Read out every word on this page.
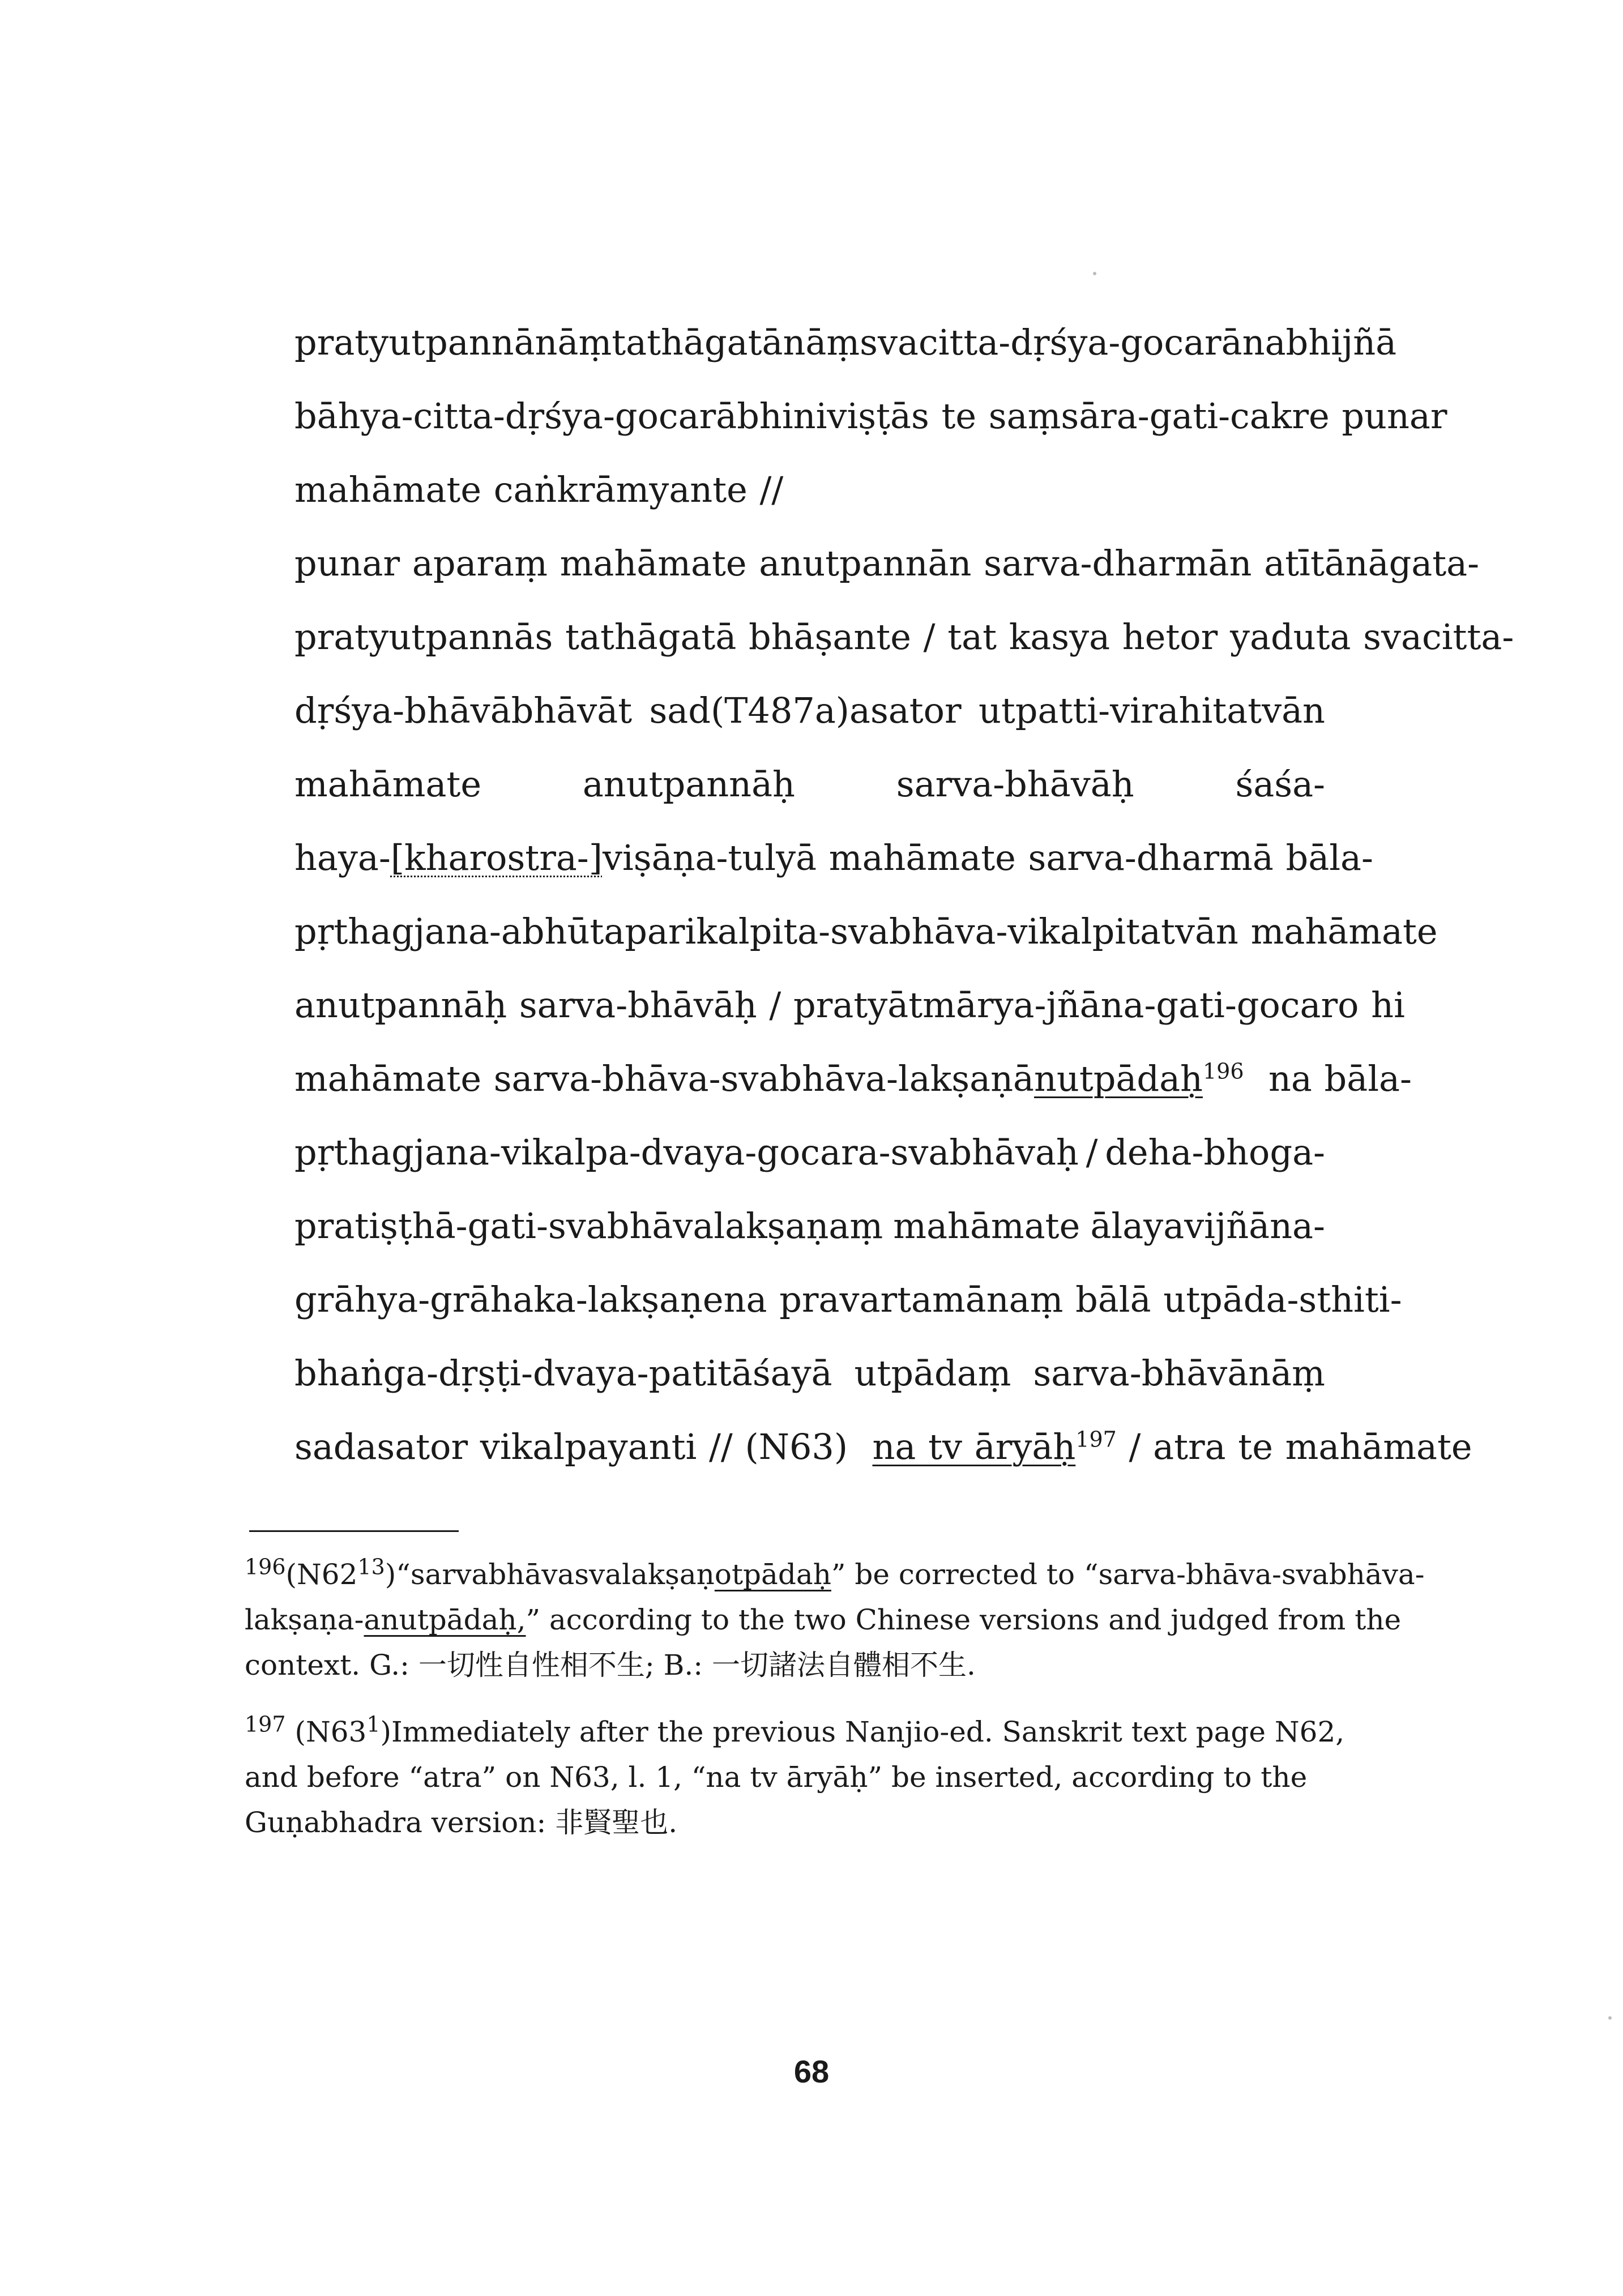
pratyutpannānāṃ tathāgatānāṃ svacitta-dṛśya-gocarānabhijñā
bāhya-citta-dṛśya-gocarābhiniviṣṭās te saṃsāra-gati-cakre punar
mahāmate caṅkrāmyante //
punar aparaṃ mahāmate anutpannān sarva-dharmān atītānāgata-
pratyutpannās tathāgatā bhāṣante / tat kasya hetor yaduta svacitta-
dṛśya-bhāvābhāvāt sad(T487a)asator utpatti-virahitatvān
mahāmate	anutpannāḥ	sarva-bhāvāḥ	śaśa-
haya-[kharostra-]viṣāṇa-tulyā mahāmate sarva-dharmā bāla-
pṛthagjana-abhūtaparikalpita-svabhāva-vikalpitatvān mahāmate
anutpannāḥ sarva-bhāvāḥ / pratyātmārya-jñāna-gati-gocaro hi
mahāmate sarva-bhāva-svabhāva-lakṣaṇānutpādaḥ$^{196}$ na bāla-
pṛthagjana-vikalpa-dvaya-gocara-svabhāvaḥ / deha-bhoga-
pratiṣṭhā-gati-svabhāvalakṣaṇaṃ mahāmate ālayavijñāna-
grāhya-grāhaka-lakṣaṇena pravartamānaṃ bālā utpāda-sthiti-
bhaṅga-dṛṣṭi-dvaya-patitāśayā utpādaṃ sarva-bhāvānāṃ
sadasator vikalpayanti // (N63) na tv āryāḥ$^{197}$ / atra te mahāmate
$^{196}(N62^{13})$ “sarvabhāvasvalakṣaṇotpādaḥ” be corrected to “sarva-bhāva-svabhāva-
lakṣaṇa-anutpādaḥ,” according to the two Chinese versions and judged from the

context. G.: 一切性自性相不生; B.: 一切諸法自體相不生.

$^{197}$ $(N63^1)$ Immediately after the previous Nanjio-ed. Sanskrit text page N62,
and before “atra” on N63, l. 1, “na tv āryāḥ” be inserted, according to the

Guṇabhadra version: 非賢聖也.

68
